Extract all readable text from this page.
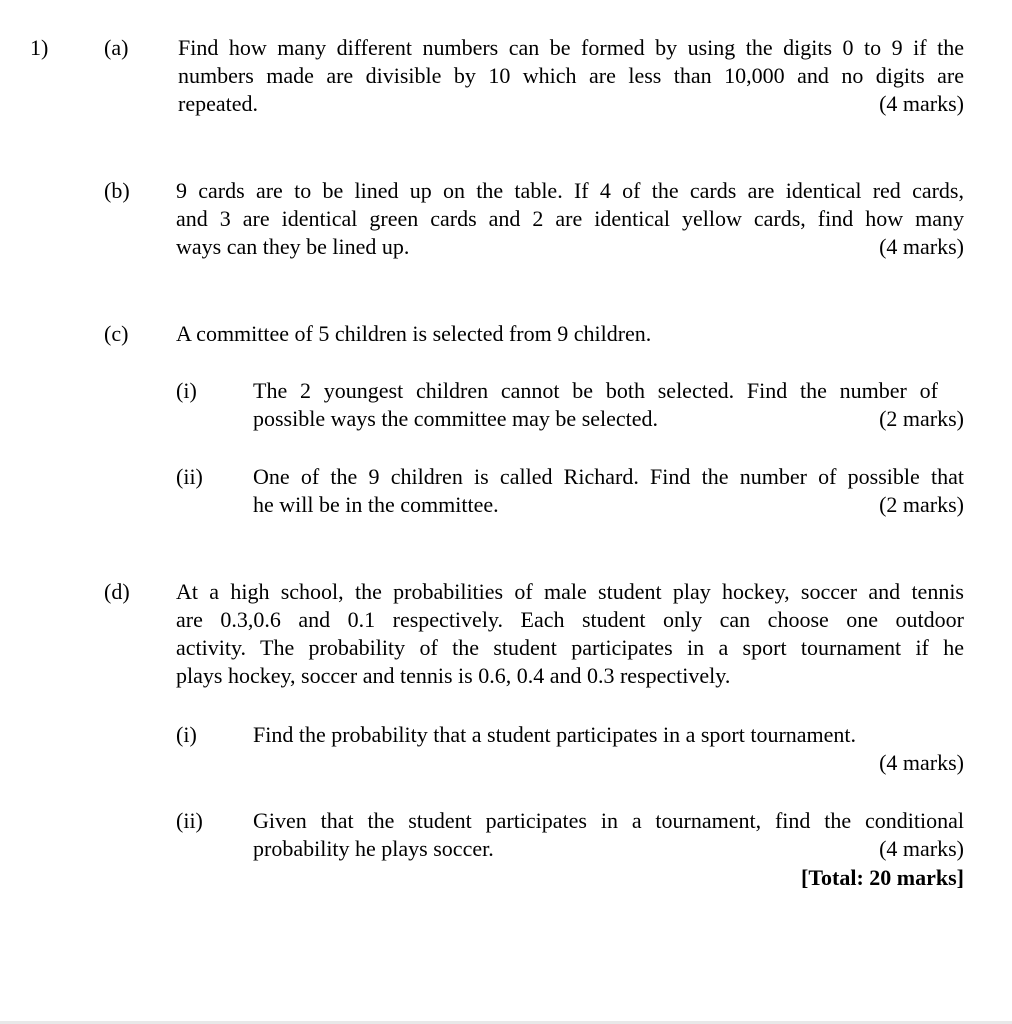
1)	(a) Find how many different numbers can be formed by using the digits 0 to 9 if the
numbers made are divisible by 10 which are less than 10,000 and no digits are
repeated.	(4 marks)
(b) 9 cards are to be lined up on the table. If 4 of the cards are identical red cards,
and 3 are identical green cards and 2 are identical yellow cards, find how many
ways can they be lined up.	(4 marks)
(c) A committee of 5 children is selected from 9 children.
(i)	The 2 youngest children cannot be both selected. Find the number of
possible ways the committee may be selected.	(2 marks)
(ii) One of the 9 children is called Richard. Find the number of possible that
he will be in the committee.	(2 marks)
(d) At a high school, the probabilities of male student play hockey, soccer and tennis
are 0.3,0.6 and 0.1 respectively. Each student only can choose one outdoor
activity. The probability of the student participates in a sport tournament if he
plays hockey, soccer and tennis is 0.6, 0.4 and 0.3 respectively.
(i)	Find the probability that a student participates in a sport tournament.
(4 marks)
(ii) Given that the student participates in a tournament, find the conditional
probability he plays soccer.	(4 marks)
[Total: 20 marks]
